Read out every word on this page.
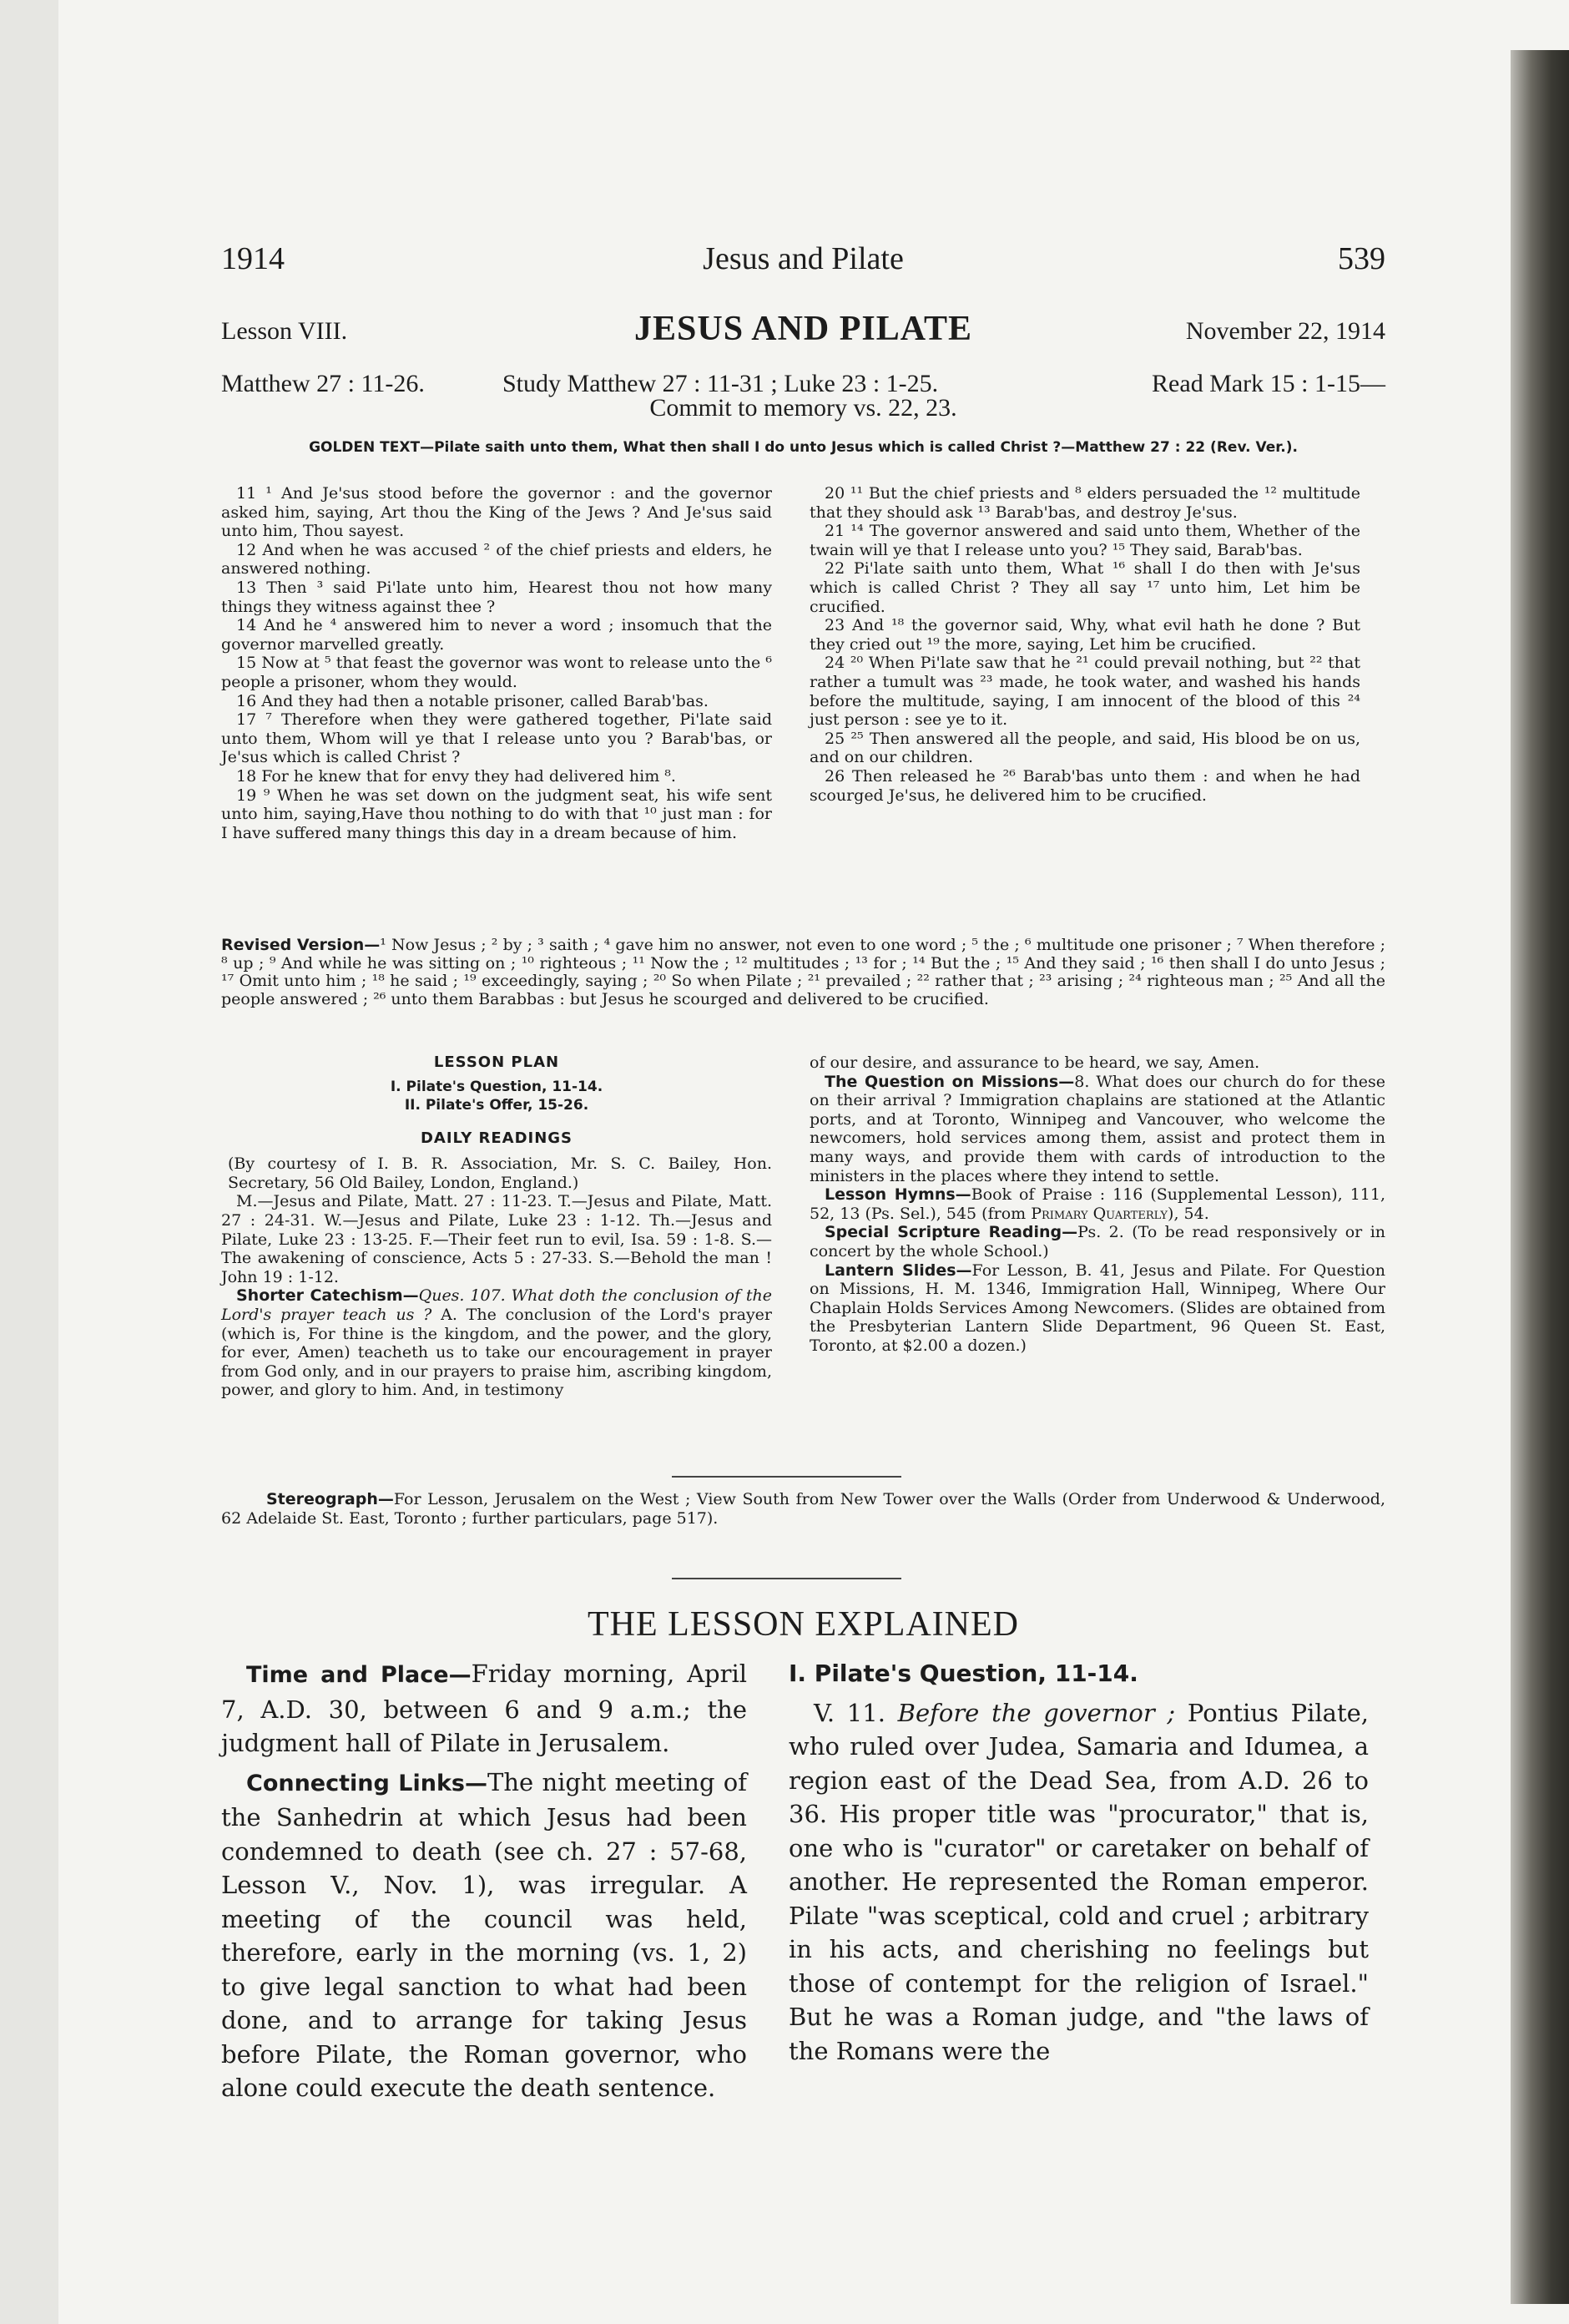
1914	Jesus and Pilate	539
JESUS AND PILATE
Lesson VIII.	November 22, 1914
Matthew 27 : 11-26.	Study Matthew 27 : 11-31 ; Luke 23 : 1-25.	Read Mark 15 : 1-15—
Commit to memory vs. 22, 23.
GOLDEN TEXT—Pilate saith unto them, What then shall I do unto Jesus which is called Christ ?—Matthew 27 : 22 (Rev. Ver.).

11 ¹ And Je'sus stood before the governor : and the governor asked him, saying, Art thou the King of the Jews ? And Je'sus said unto him, Thou sayest.

12 And when he was accused ² of the chief priests and elders, he answered nothing.

13 Then ³ said Pi'late unto him, Hearest thou not how many things they witness against thee ?

14 And he ⁴ answered him to never a word ; insomuch that the governor marvelled greatly.

15 Now at ⁵ that feast the governor was wont to release unto the ⁶ people a prisoner, whom they would.

16 And they had then a notable prisoner, called Barab'bas.

17 ⁷ Therefore when they were gathered together, Pi'late said unto them, Whom will ye that I release unto you ? Barab'bas, or Je'sus which is called Christ ?

18 For he knew that for envy they had delivered him ⁸.

19 ⁹ When he was set down on the judgment seat, his wife sent unto him, saying,Have thou nothing to do with that ¹⁰ just man : for I have suffered many things this day in a dream because of him.

20 ¹¹ But the chief priests and ⁸ elders persuaded the ¹² multitude that they should ask ¹³ Barab'bas, and destroy Je'sus.

21 ¹⁴ The governor answered and said unto them, Whether of the twain will ye that I release unto you? ¹⁵ They said, Barab'bas.

22 Pi'late saith unto them, What ¹⁶ shall I do then with Je'sus which is called Christ ? They all say ¹⁷ unto him, Let him be crucified.

23 And ¹⁸ the governor said, Why, what evil hath he done ? But they cried out ¹⁹ the more, saying, Let him be crucified.

24 ²⁰ When Pi'late saw that he ²¹ could prevail nothing, but ²² that rather a tumult was ²³ made, he took water, and washed his hands before the multitude, saying, I am innocent of the blood of this ²⁴ just person : see ye to it.

25 ²⁵ Then answered all the people, and said, His blood be on us, and on our children.

26 Then released he ²⁶ Barab'bas unto them : and when he had scourged Je'sus, he delivered him to be crucified.

Revised Version—¹ Now Jesus ; ² by ; ³ saith ; ⁴ gave him no answer, not even to one word ; ⁵ the ; ⁶ multitude one prisoner ; ⁷ When therefore ; ⁸ up ; ⁹ And while he was sitting on ; ¹⁰ righteous ; ¹¹ Now the ; ¹² multitudes ; ¹³ for ; ¹⁴ But the ; ¹⁵ And they said ; ¹⁶ then shall I do unto Jesus ; ¹⁷ Omit unto him ; ¹⁸ he said ; ¹⁹ exceedingly, saying ; ²⁰ So when Pilate ; ²¹ prevailed ; ²² rather that ; ²³ arising ; ²⁴ righteous man ; ²⁵ And all the people answered ; ²⁶ unto them Barabbas : but Jesus he scourged and delivered to be crucified.
LESSON PLAN
I. Pilate's Question, 11-14.
II. Pilate's Offer, 15-26.
DAILY READINGS

(By courtesy of I. B. R. Association, Mr. S. C. Bailey, Hon. Secretary, 56 Old Bailey, London, England.)

M.—Jesus and Pilate, Matt. 27 : 11-23. T.—Jesus and Pilate, Matt. 27 : 24-31. W.—Jesus and Pilate, Luke 23 : 1-12. Th.—Jesus and Pilate, Luke 23 : 13-25. F.—Their feet run to evil, Isa. 59 : 1-8. S.—The awakening of conscience, Acts 5 : 27-33. S.—Behold the man ! John 19 : 1-12.

Shorter Catechism—Ques. 107. What doth the conclusion of the Lord's prayer teach us ? A. The conclusion of the Lord's prayer (which is, For thine is the kingdom, and the power, and the glory, for ever, Amen) teacheth us to take our encouragement in prayer from God only, and in our prayers to praise him, ascribing kingdom, power, and glory to him. And, in testimony

of our desire, and assurance to be heard, we say, Amen.

The Question on Missions—8. What does our church do for these on their arrival ? Immigration chaplains are stationed at the Atlantic ports, and at Toronto, Winnipeg and Vancouver, who welcome the newcomers, hold services among them, assist and protect them in many ways, and provide them with cards of introduction to the ministers in the places where they intend to settle.

Lesson Hymns—Book of Praise : 116 (Supplemental Lesson), 111, 52, 13 (Ps. Sel.), 545 (from Primary Quarterly), 54.

Special Scripture Reading—Ps. 2. (To be read responsively or in concert by the whole School.)

Lantern Slides—For Lesson, B. 41, Jesus and Pilate. For Question on Missions, H. M. 1346, Immigration Hall, Winnipeg, Where Our Chaplain Holds Services Among Newcomers. (Slides are obtained from the Presbyterian Lantern Slide Department, 96 Queen St. East, Toronto, at $2.00 a dozen.)

Stereograph—For Lesson, Jerusalem on the West ; View South from New Tower over the Walls (Order from Underwood & Underwood, 62 Adelaide St. East, Toronto ; further particulars, page 517).
THE LESSON EXPLAINED

Time and Place—Friday morning, April 7, A.D. 30, between 6 and 9 a.m.; the judgment hall of Pilate in Jerusalem.

Connecting Links—The night meeting of the Sanhedrin at which Jesus had been condemned to death (see ch. 27 : 57-68, Lesson V., Nov. 1), was irregular. A meeting of the council was held, therefore, early in the morning (vs. 1, 2) to give legal sanction to what had been done, and to arrange for taking Jesus before Pilate, the Roman governor, who alone could execute the death sentence.

I. Pilate's Question, 11-14.

V. 11. Before the governor ; Pontius Pilate, who ruled over Judea, Samaria and Idumea, a region east of the Dead Sea, from A.D. 26 to 36. His proper title was "procurator," that is, one who is "curator" or caretaker on behalf of another. He represented the Roman emperor. Pilate "was sceptical, cold and cruel ; arbitrary in his acts, and cherishing no feelings but those of contempt for the religion of Israel." But he was a Roman judge, and "the laws of the Romans were the
